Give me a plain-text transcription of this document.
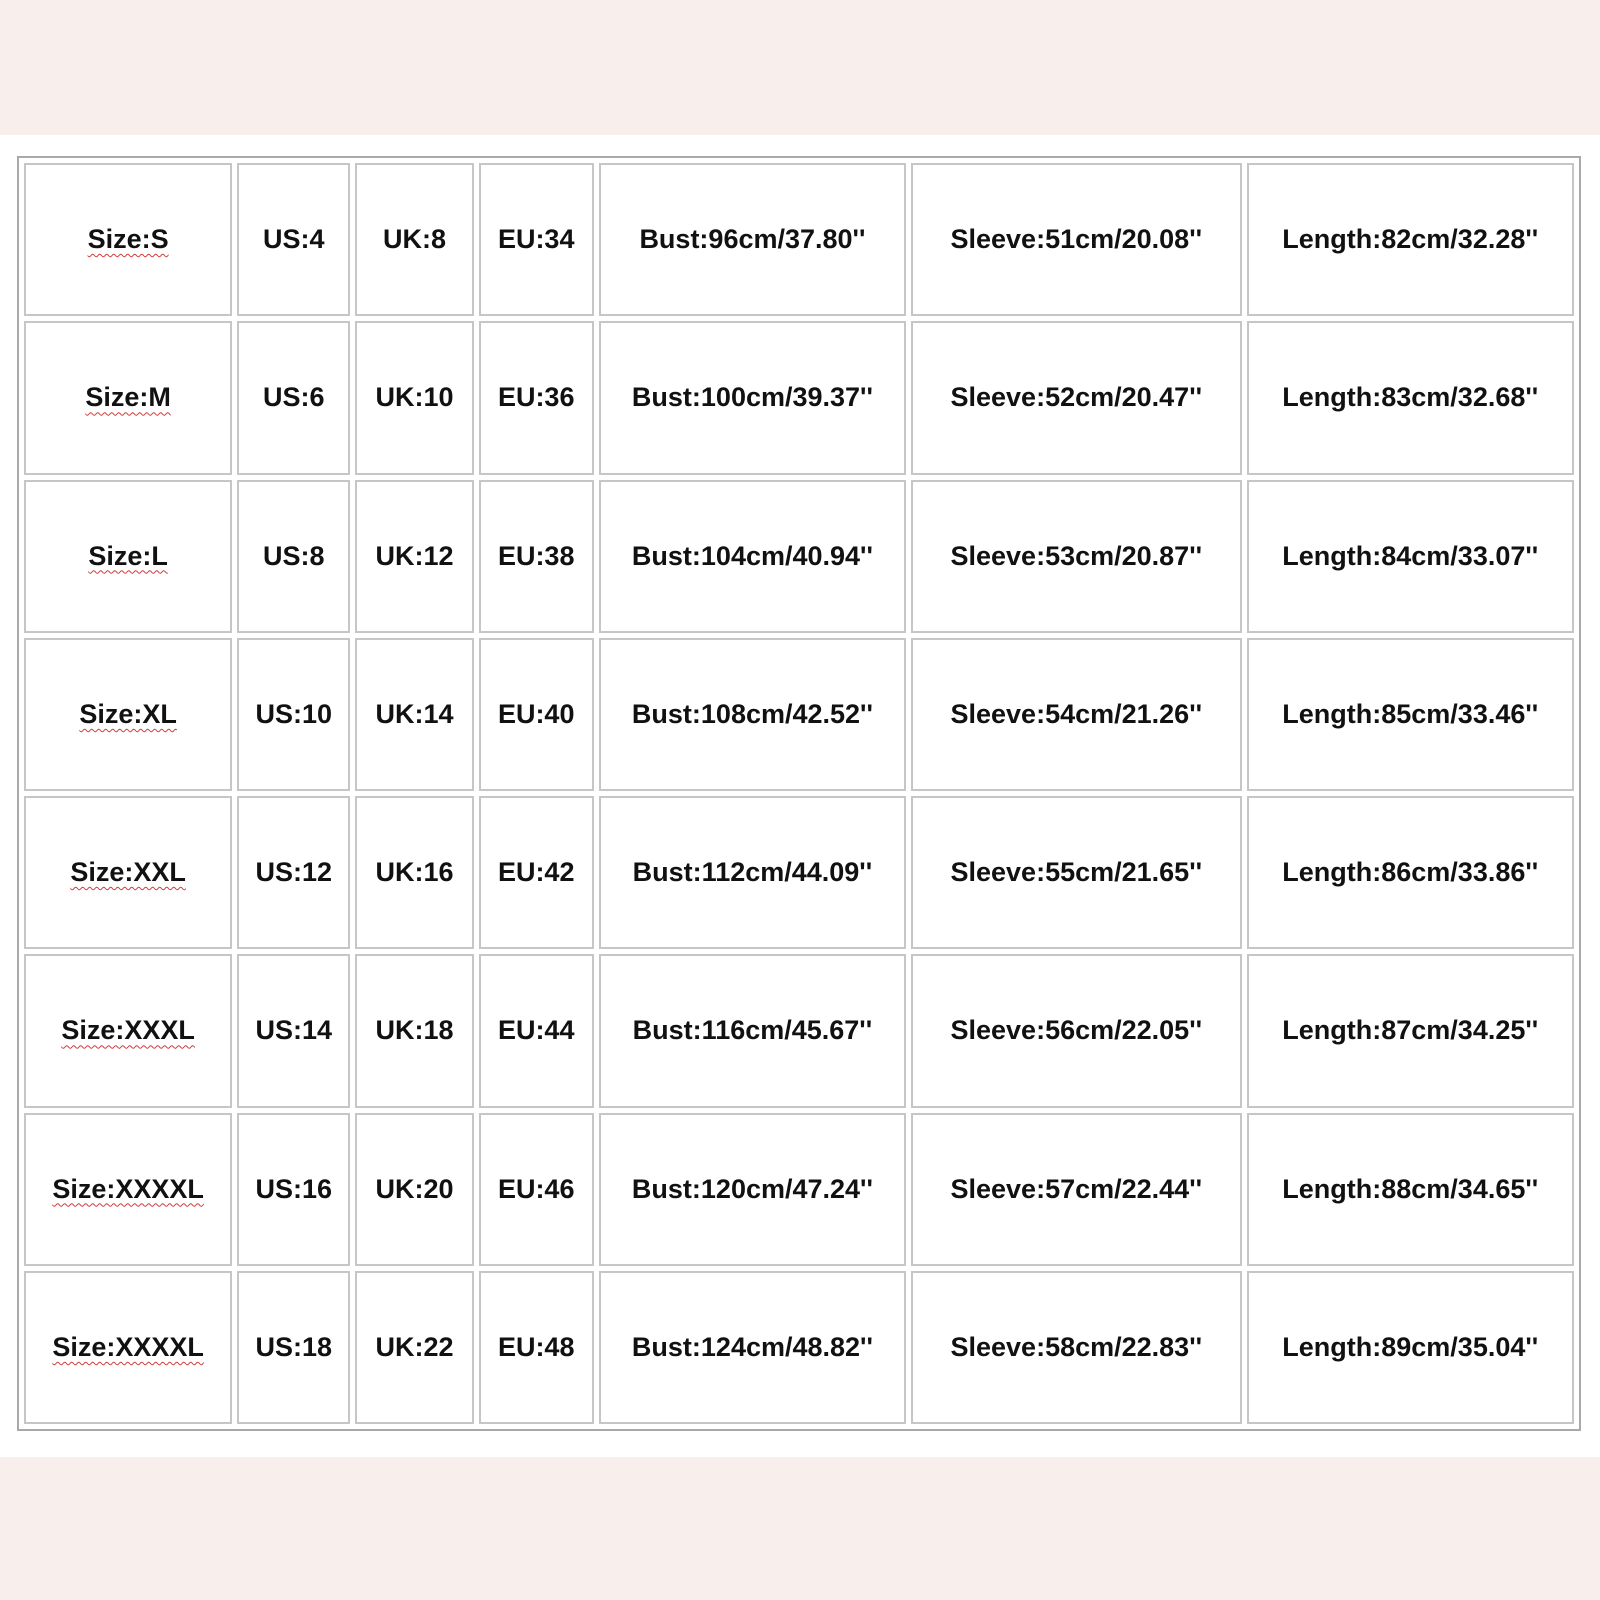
Size:S	US:4	UK:8	EU:34	Bust:96cm/37.80''	Sleeve:51cm/20.08''	Length:82cm/32.28''
Size:M	US:6	UK:10	EU:36	Bust:100cm/39.37''	Sleeve:52cm/20.47''	Length:83cm/32.68''
Size:L	US:8	UK:12	EU:38	Bust:104cm/40.94''	Sleeve:53cm/20.87''	Length:84cm/33.07''
Size:XL	US:10	UK:14	EU:40	Bust:108cm/42.52''	Sleeve:54cm/21.26''	Length:85cm/33.46''
Size:XXL	US:12	UK:16	EU:42	Bust:112cm/44.09''	Sleeve:55cm/21.65''	Length:86cm/33.86''
Size:XXXL	US:14	UK:18	EU:44	Bust:116cm/45.67''	Sleeve:56cm/22.05''	Length:87cm/34.25''
Size:XXXXL	US:16	UK:20	EU:46	Bust:120cm/47.24''	Sleeve:57cm/22.44''	Length:88cm/34.65''
Size:XXXXL	US:18	UK:22	EU:48	Bust:124cm/48.82''	Sleeve:58cm/22.83''	Length:89cm/35.04''
